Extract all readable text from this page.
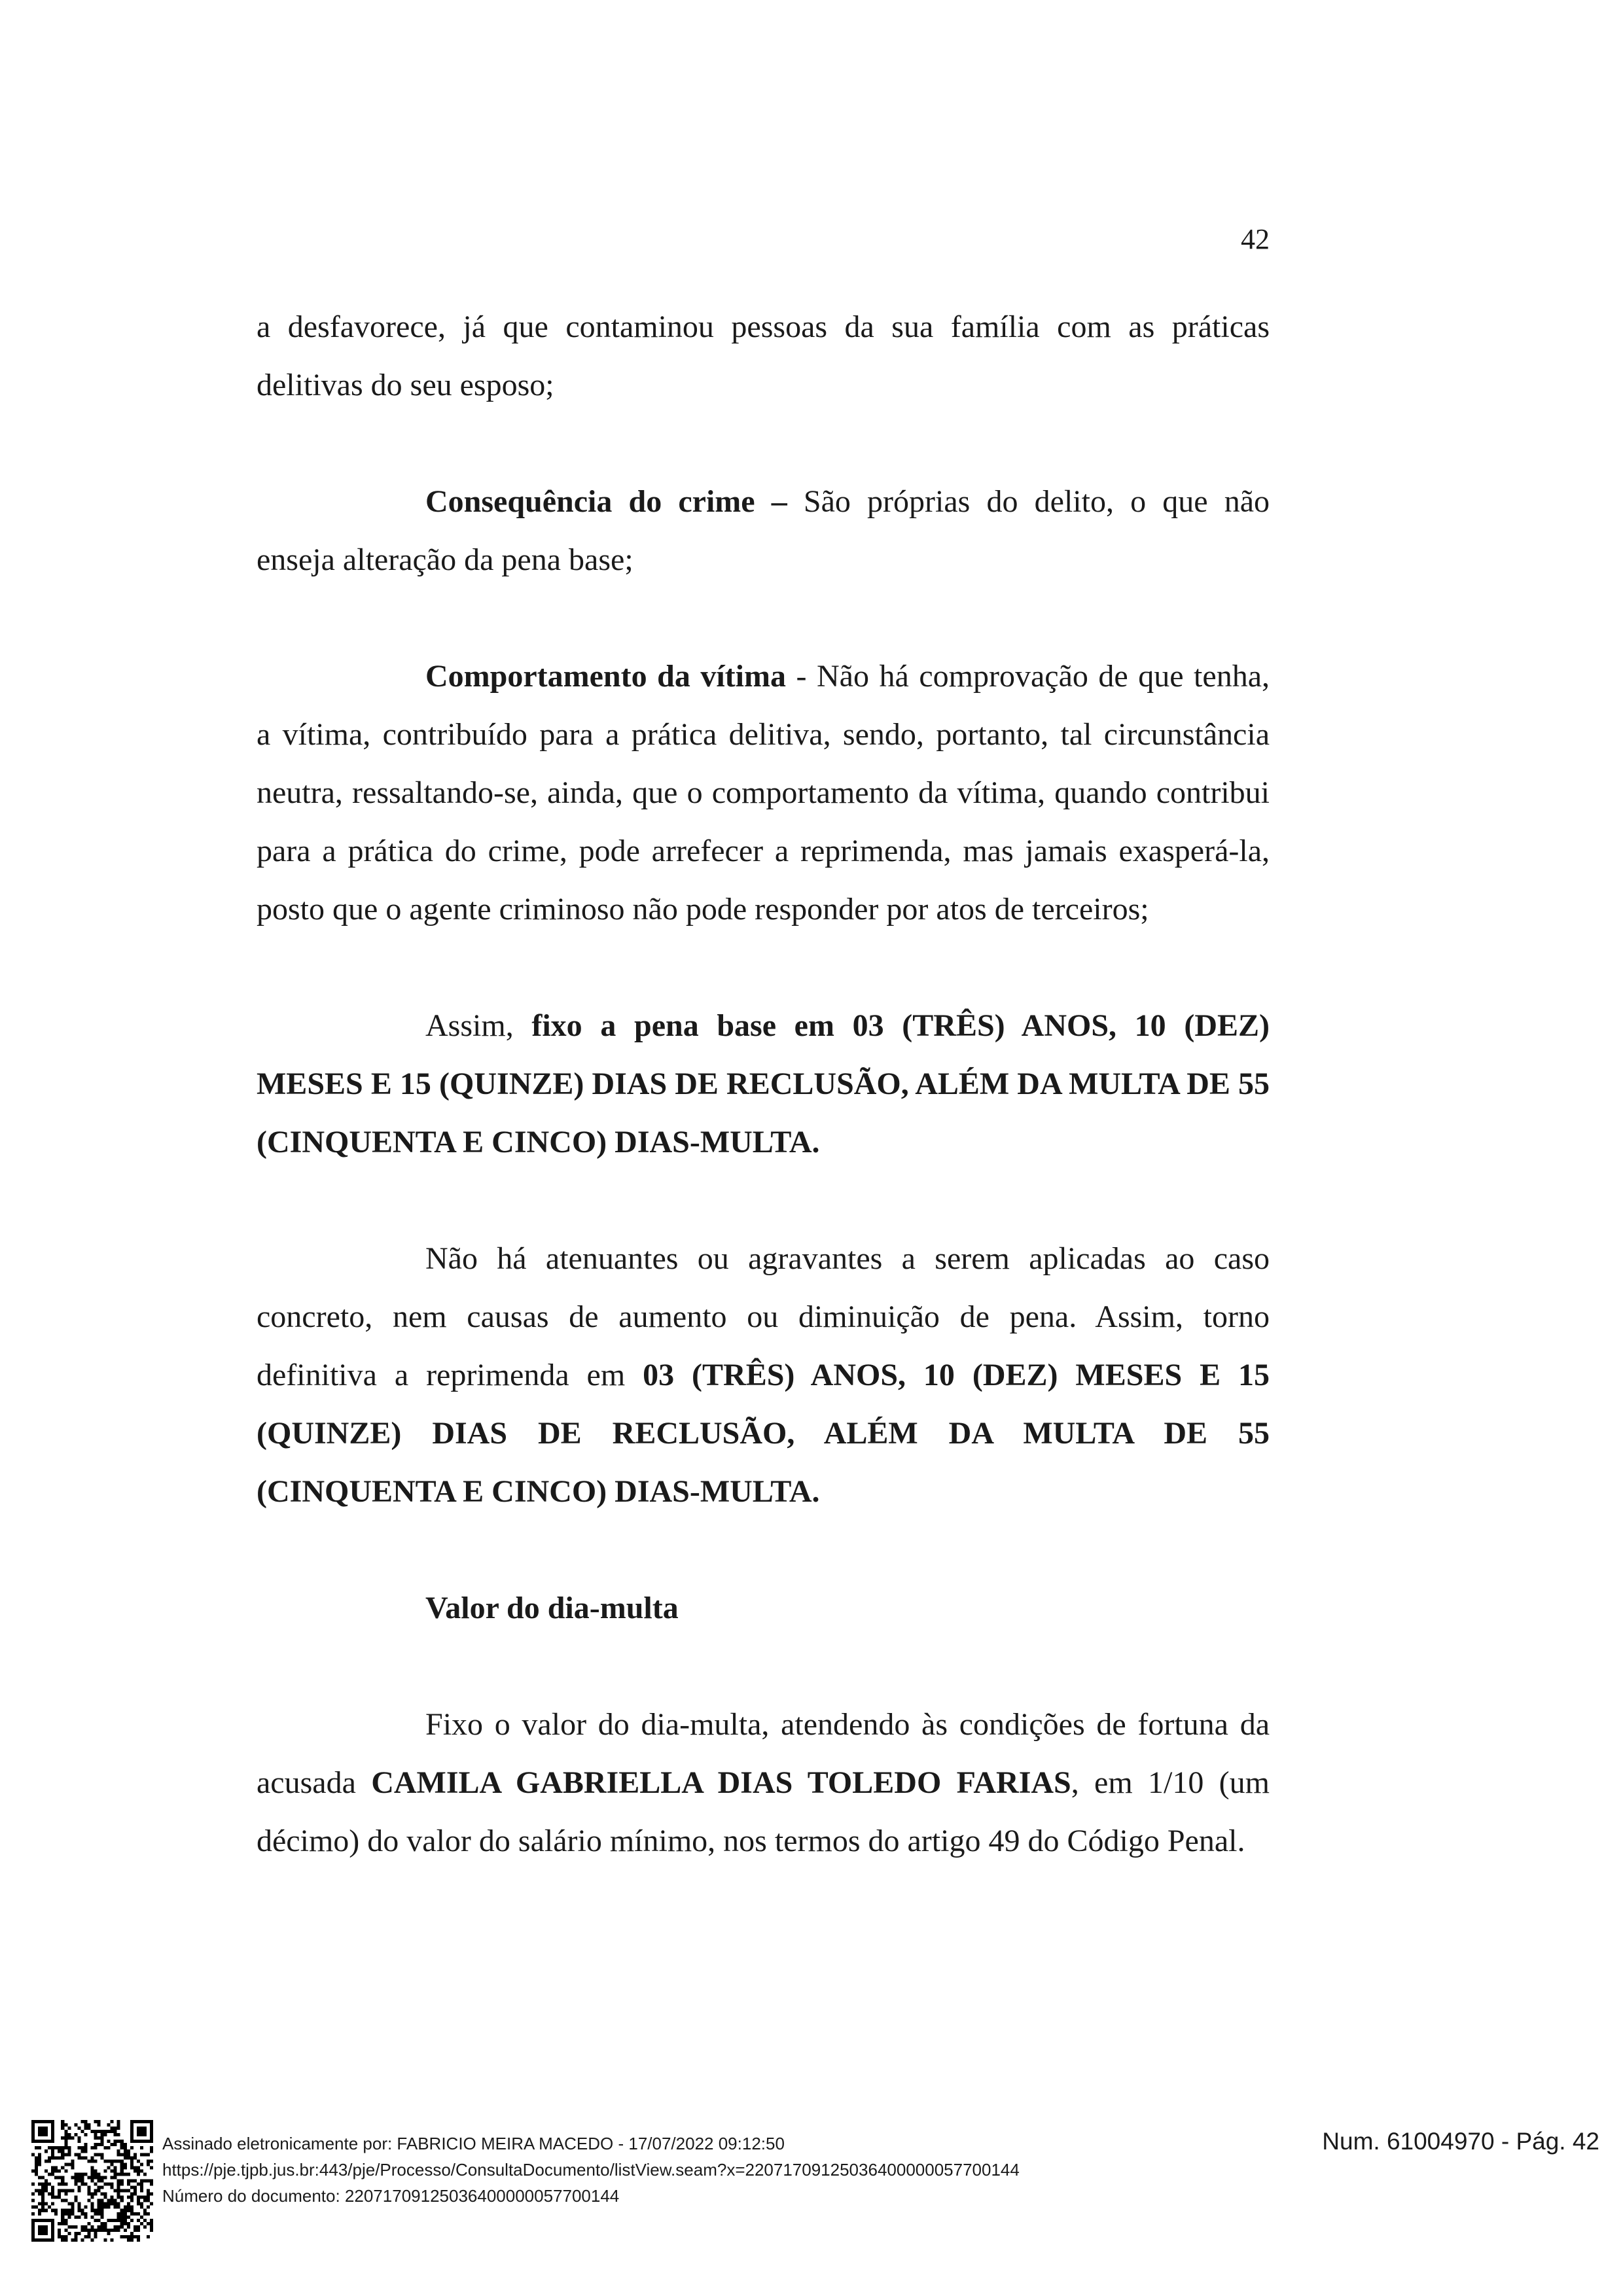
42

a desfavorece, já que contaminou pessoas da sua família com as práticas delitivas do seu esposo;

Consequência do crime – São próprias do delito, o que não enseja alteração da pena base;

Comportamento da vítima - Não há comprovação de que tenha, a vítima, contribuído para a prática delitiva, sendo, portanto, tal circunstância neutra, ressaltando-se, ainda, que o comportamento da vítima, quando contribui para a prática do crime, pode arrefecer a reprimenda, mas jamais exasperá-la, posto que o agente criminoso não pode responder por atos de terceiros;

Assim, fixo a pena base em 03 (TRÊS) ANOS, 10 (DEZ) MESES E 15 (QUINZE) DIAS DE RECLUSÃO, ALÉM DA MULTA DE 55 (CINQUENTA E CINCO) DIAS-MULTA.

Não há atenuantes ou agravantes a serem aplicadas ao caso concreto, nem causas de aumento ou diminuição de pena. Assim, torno definitiva a reprimenda em 03 (TRÊS) ANOS, 10 (DEZ) MESES E 15 (QUINZE) DIAS DE RECLUSÃO, ALÉM DA MULTA DE 55 (CINQUENTA E CINCO) DIAS-MULTA.

Valor do dia-multa

Fixo o valor do dia-multa, atendendo às condições de fortuna da acusada CAMILA GABRIELLA DIAS TOLEDO FARIAS, em 1/10 (um décimo) do valor do salário mínimo, nos termos do artigo 49 do Código Penal.

Assinado eletronicamente por: FABRICIO MEIRA MACEDO - 17/07/2022 09:12:50
https://pje.tjpb.jus.br:443/pje/Processo/ConsultaDocumento/listView.seam?x=22071709125036400000057700144
Número do documento: 22071709125036400000057700144
Num. 61004970 - Pág. 42
